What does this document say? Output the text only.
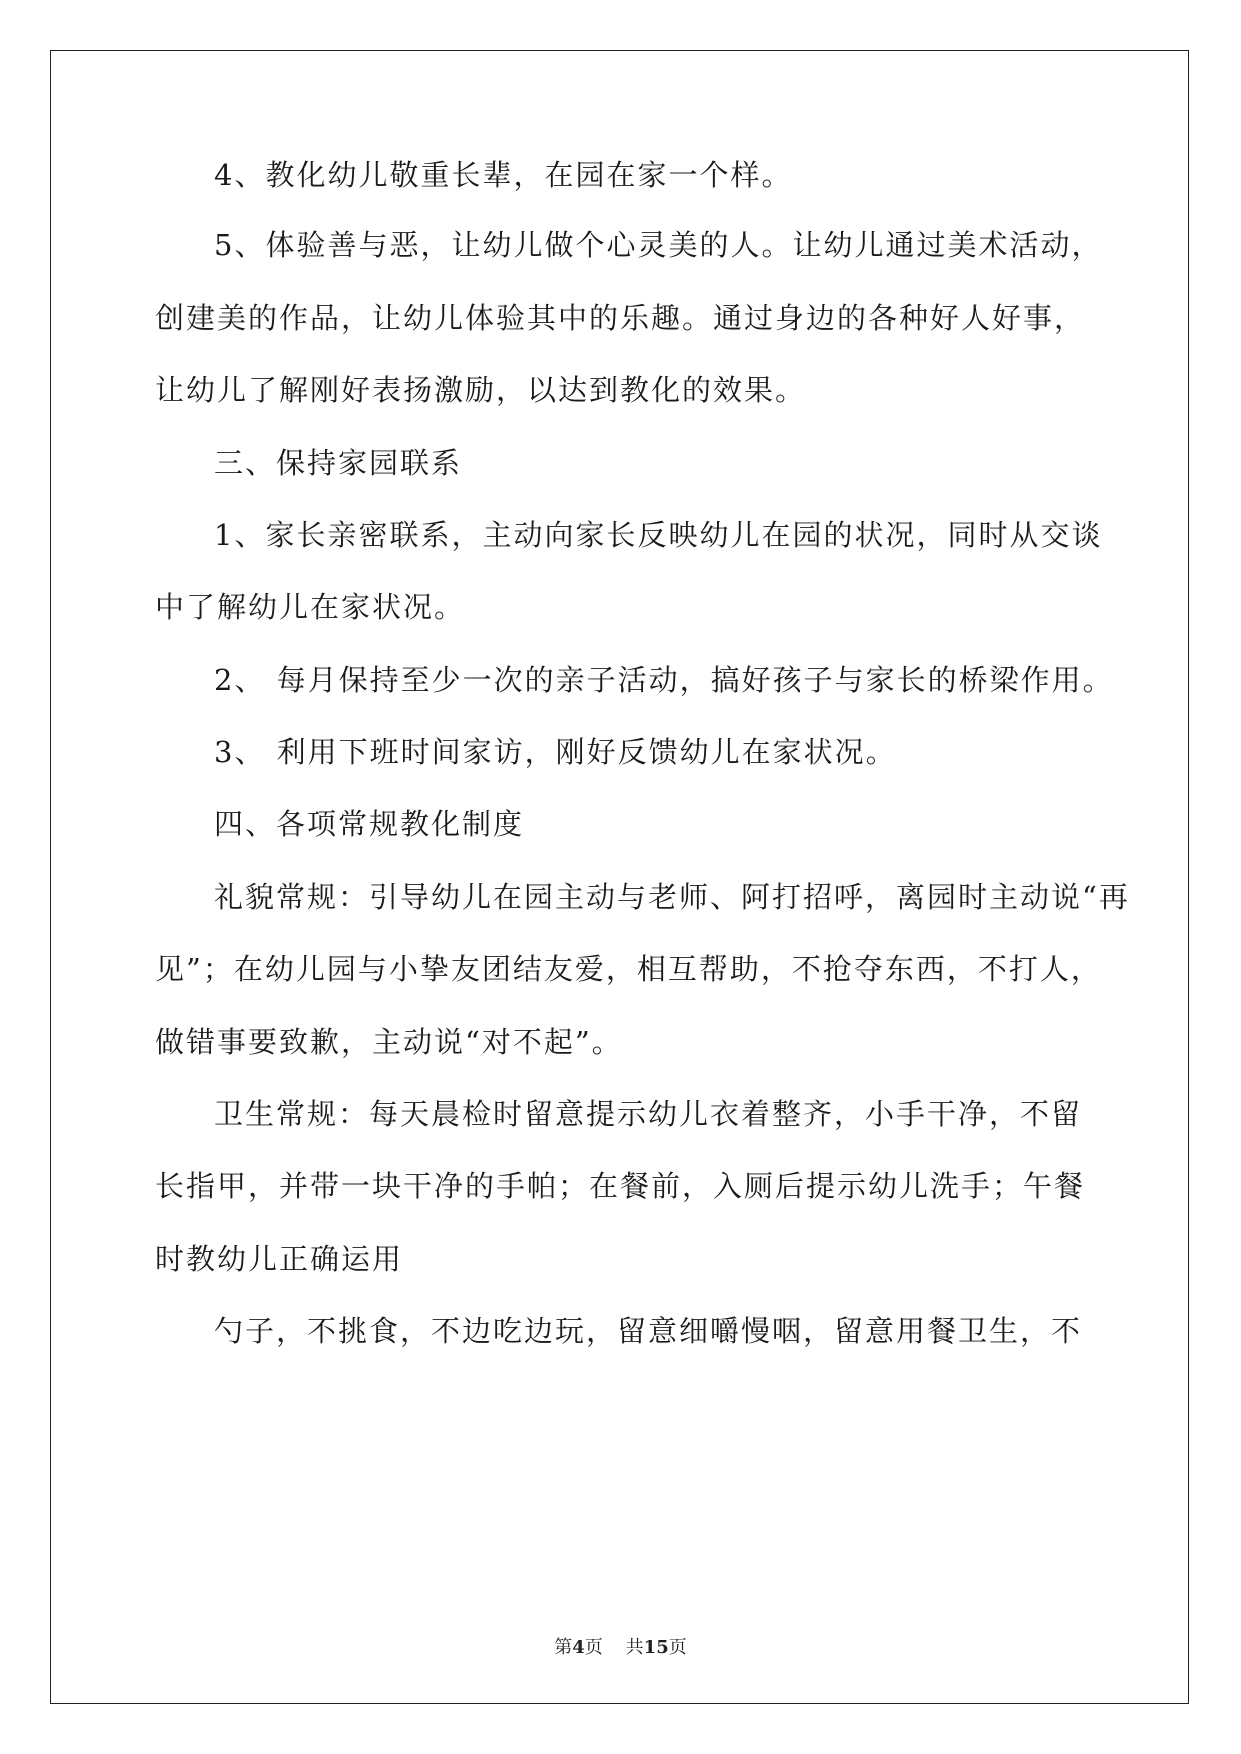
4、教化幼儿敬重长辈，在园在家一个样。
5、体验善与恶，让幼儿做个心灵美的人。让幼儿通过美术活动，
创建美的作品，让幼儿体验其中的乐趣。通过身边的各种好人好事，
让幼儿了解刚好表扬激励，以达到教化的效果。
三、保持家园联系
1、家长亲密联系，主动向家长反映幼儿在园的状况，同时从交谈
中了解幼儿在家状况。
2、 每月保持至少一次的亲子活动，搞好孩子与家长的桥梁作用。
3、 利用下班时间家访，刚好反馈幼儿在家状况。
四、各项常规教化制度
礼貌常规：引导幼儿在园主动与老师、阿打招呼，离园时主动说“再
见”；在幼儿园与小挚友团结友爱，相互帮助，不抢夺东西，不打人，
做错事要致歉，主动说“对不起”。
卫生常规：每天晨检时留意提示幼儿衣着整齐，小手干净，不留
长指甲，并带一块干净的手帕；在餐前，入厕后提示幼儿洗手；午餐
时教幼儿正确运用
勺子，不挑食，不边吃边玩，留意细嚼慢咽，留意用餐卫生，不
第4页 共15页
